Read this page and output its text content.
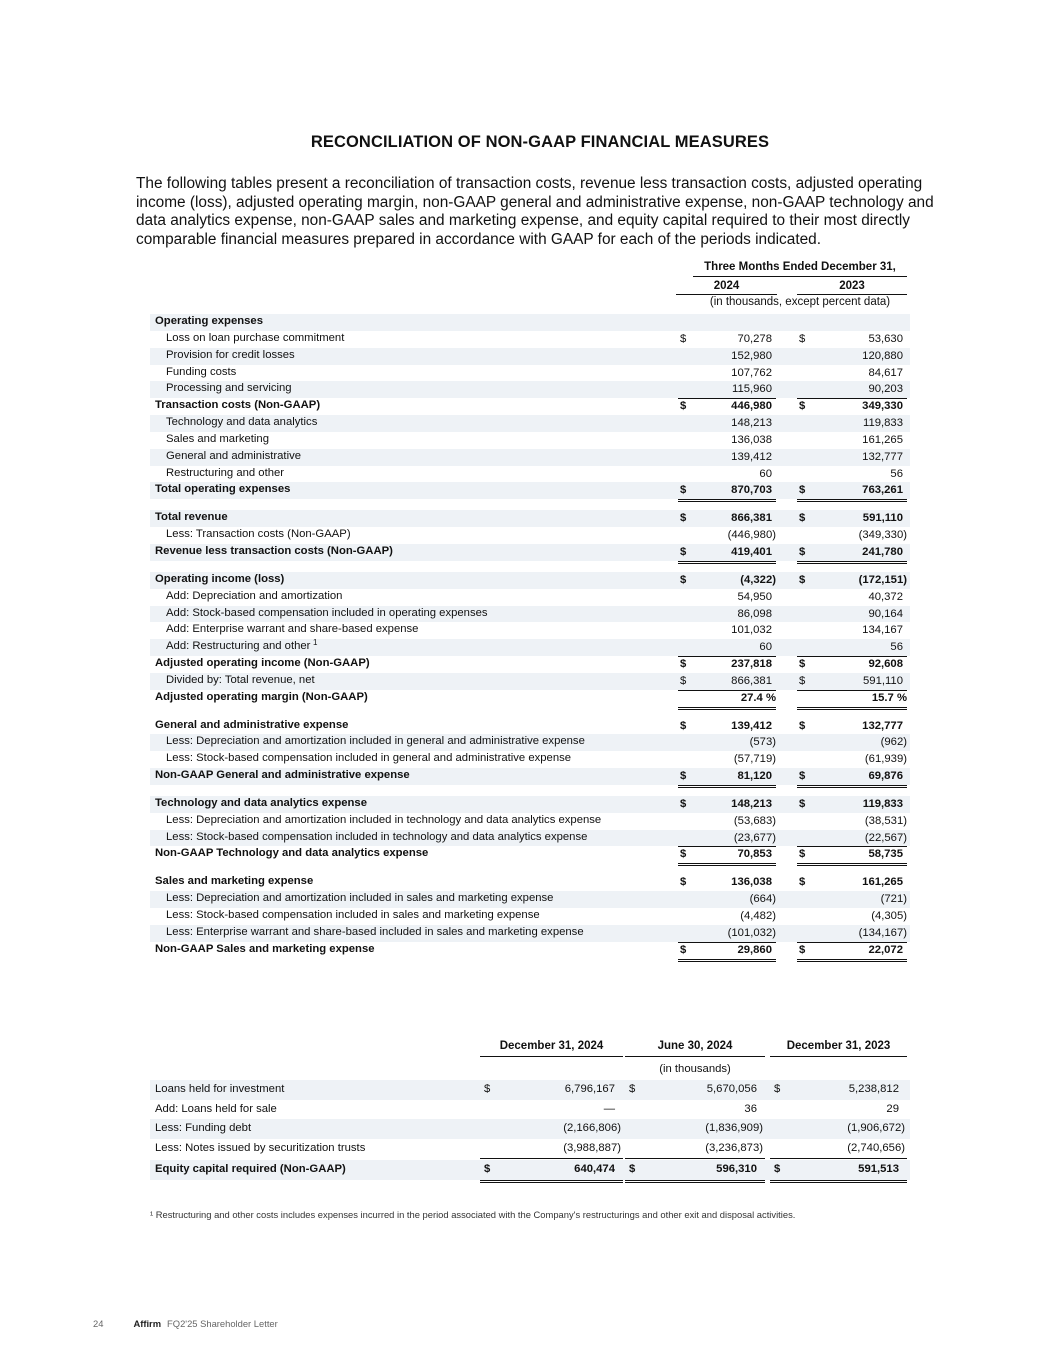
RECONCILIATION OF NON-GAAP FINANCIAL MEASURES
The following tables present a reconciliation of transaction costs, revenue less transaction costs, adjusted operating income (loss), adjusted operating margin, non-GAAP general and administrative expense, non-GAAP technology and data analytics expense, non-GAAP sales and marketing expense, and equity capital required to their most directly comparable financial measures prepared in accordance with GAAP for each of the periods indicated.
Three Months Ended December 31,
2024	2023
(in thousands, except percent data)
Operating expenses
Loss on loan purchase commitment	$	70,278 $	53,630
Provision for credit losses	152,980	120,880
Funding costs	107,762	84,617
Processing and servicing	115,960	90,203
Transaction costs (Non-GAAP)	$	446,980 $	349,330
Technology and data analytics	148,213	119,833
Sales and marketing	136,038	161,265
General and administrative	139,412	132,777
Restructuring and other	60	56
Total operating expenses	$	870,703 $	763,261
Total revenue	$	866,381 $	591,110
Less: Transaction costs (Non-GAAP)	(446,980)	(349,330)
Revenue less transaction costs (Non-GAAP)	$	419,401 $	241,780
Operating income (loss)	$	(4,322) $	(172,151)
Add: Depreciation and amortization	54,950	40,372
Add: Stock-based compensation included in operating expenses	86,098	90,164
Add: Enterprise warrant and share-based expense	101,032	134,167
Add: Restructuring and other 1	60	56
Adjusted operating income (Non-GAAP)	$	237,818 $	92,608
Divided by: Total revenue, net	$	866,381 $	591,110
Adjusted operating margin (Non-GAAP)	27.4 %	15.7 %
General and administrative expense	$	139,412 $	132,777
Less: Depreciation and amortization included in general and administrative expense	(573)	(962)
Less: Stock-based compensation included in general and administrative expense	(57,719)	(61,939)
Non-GAAP General and administrative expense	$	81,120 $	69,876
Technology and data analytics expense	$	148,213 $	119,833
Less: Depreciation and amortization included in technology and data analytics expense	(53,683)	(38,531)
Less: Stock-based compensation included in technology and data analytics expense	(23,677)	(22,567)
Non-GAAP Technology and data analytics expense	$	70,853 $	58,735
Sales and marketing expense	$	136,038 $	161,265
Less: Depreciation and amortization included in sales and marketing expense	(664)	(721)
Less: Stock-based compensation included in sales and marketing expense	(4,482)	(4,305)
Less: Enterprise warrant and share-based included in sales and marketing expense	(101,032)	(134,167)
Non-GAAP Sales and marketing expense	$	29,860 $	22,072
December 31, 2024	June 30, 2024	December 31, 2023
(in thousands)
Loans held for investment	$	6,796,167 $	5,670,056 $	5,238,812
Add: Loans held for sale	—	36	29
Less: Funding debt	(2,166,806)	(1,836,909)	(1,906,672)
Less: Notes issued by securitization trusts	(3,988,887)	(3,236,873)	(2,740,656)
Equity capital required (Non-GAAP)	$	640,474 $	596,310 $	591,513
¹ Restructuring and other costs includes expenses incurred in the period associated with the Company's restructurings and other exit and disposal activities.
24	Affirm FQ2'25 Shareholder Letter
